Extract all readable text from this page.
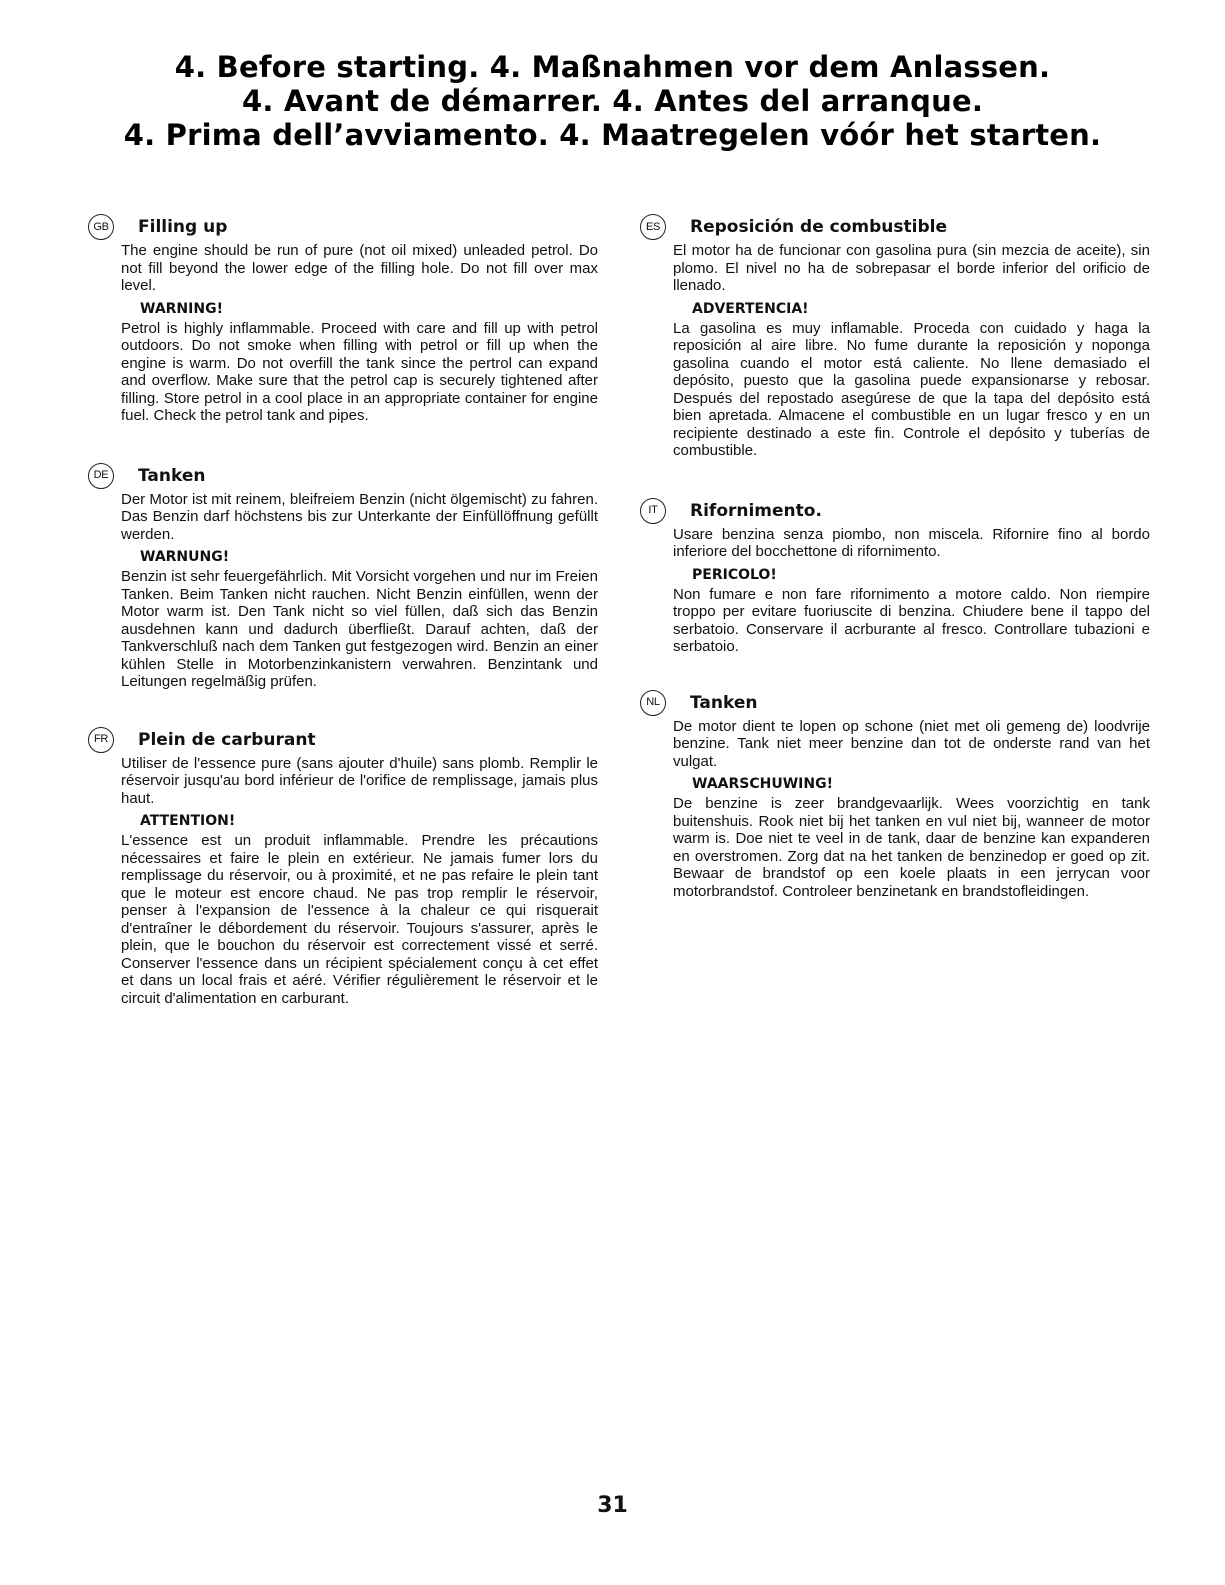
4. Before starting. 4. Maßnahmen vor dem Anlassen.
4. Avant de démarrer. 4. Antes del arranque.
4. Prima dell’avviamento. 4. Maatregelen vóór het starten.
GB	Filling up
The engine should be run of pure (not oil mixed) unleaded petrol. Do not fill beyond the lower edge of the filling hole. Do not fill over max level.
WARNING!
Petrol is highly inflammable. Proceed with care and fill up with petrol outdoors. Do not smoke when filling with petrol or fill up when the engine is warm. Do not overfill the tank since the pertrol can expand and overflow. Make sure that the petrol cap is securely tightened after filling. Store petrol in a cool place in an appropriate container for engine fuel. Check the petrol tank and pipes.
DE	Tanken
Der Motor ist mit reinem, bleifreiem Benzin (nicht ölgemischt) zu fahren. Das Benzin darf höchstens bis zur Unterkante der Einfüllöffnung gefüllt werden.
WARNUNG!
Benzin ist sehr feuergefährlich. Mit Vorsicht vorgehen und nur im Freien Tanken. Beim Tanken nicht rauchen. Nicht Benzin einfüllen, wenn der Motor warm ist. Den Tank nicht so viel füllen, daß sich das Benzin ausdehnen kann und dadurch überfließt. Darauf achten, daß der Tankverschluß nach dem Tanken gut festgezogen wird. Benzin an einer kühlen Stelle in Motorbenzinkanistern verwahren. Benzintank und Leitungen regelmäßig prüfen.
FR	Plein de carburant
Utiliser de l'essence pure (sans ajouter d'huile) sans plomb. Remplir le réservoir jusqu'au bord inférieur de l'orifice de remplissage, jamais plus haut.
ATTENTION!
L'essence est un produit inflammable. Prendre les précautions nécessaires et faire le plein en extérieur. Ne jamais fumer lors du remplissage du réservoir, ou à proximité, et ne pas refaire le plein tant que le moteur est encore chaud. Ne pas trop remplir le réservoir, penser à l'expansion de l'essence à la chaleur ce qui risquerait d'entraîner le débordement du réservoir. Toujours s'assurer, après le plein, que le bouchon du réservoir est correctement vissé et serré. Conserver l'essence dans un récipient spécialement conçu à cet effet et dans un local frais et aéré. Vérifier régulièrement le réservoir et le circuit d'alimentation en carburant.
ES	Reposición de combustible
El motor ha de funcionar con gasolina pura (sin mezcia de aceite), sin plomo. El nivel no ha de sobrepasar el borde inferior del orificio de llenado.
ADVERTENCIA!
La gasolina es muy inflamable. Proceda con cuidado y haga la reposición al aire libre. No fume durante la reposición y noponga gasolina cuando el motor está caliente. No llene demasiado el depósito, puesto que la gasolina puede expansionarse y rebosar. Después del repostado asegúrese de que la tapa del depósito está bien apretada. Almacene el combustible en un lugar fresco y en un recipiente destinado a este fin. Controle el depósito y tuberías de combustible.
IT	Rifornimento.
Usare benzina senza piombo, non miscela. Rifornire fino al bordo inferiore del bocchettone di rifornimento.
PERICOLO!
Non fumare e non fare rifornimento a motore caldo. Non riempire troppo per evitare fuoriuscite di benzina. Chiudere bene il tappo del serbatoio. Conservare il acrburante al fresco. Controllare tubazioni e serbatoio.
NL	Tanken
De motor dient te lopen op schone (niet met oli gemeng de) loodvrije benzine. Tank niet meer benzine dan tot de onderste rand van het vulgat.
WAARSCHUWING!
De benzine is zeer brandgevaarlijk. Wees voorzichtig en tank buitenshuis. Rook niet bij het tanken en vul niet bij, wanneer de motor warm is. Doe niet te veel in de tank, daar de benzine kan expanderen en overstromen. Zorg dat na het tanken de benzinedop er goed op zit. Bewaar de brandstof op een koele plaats in een jerrycan voor motorbrandstof. Controleer benzinetank en brandstofleidingen.
31
